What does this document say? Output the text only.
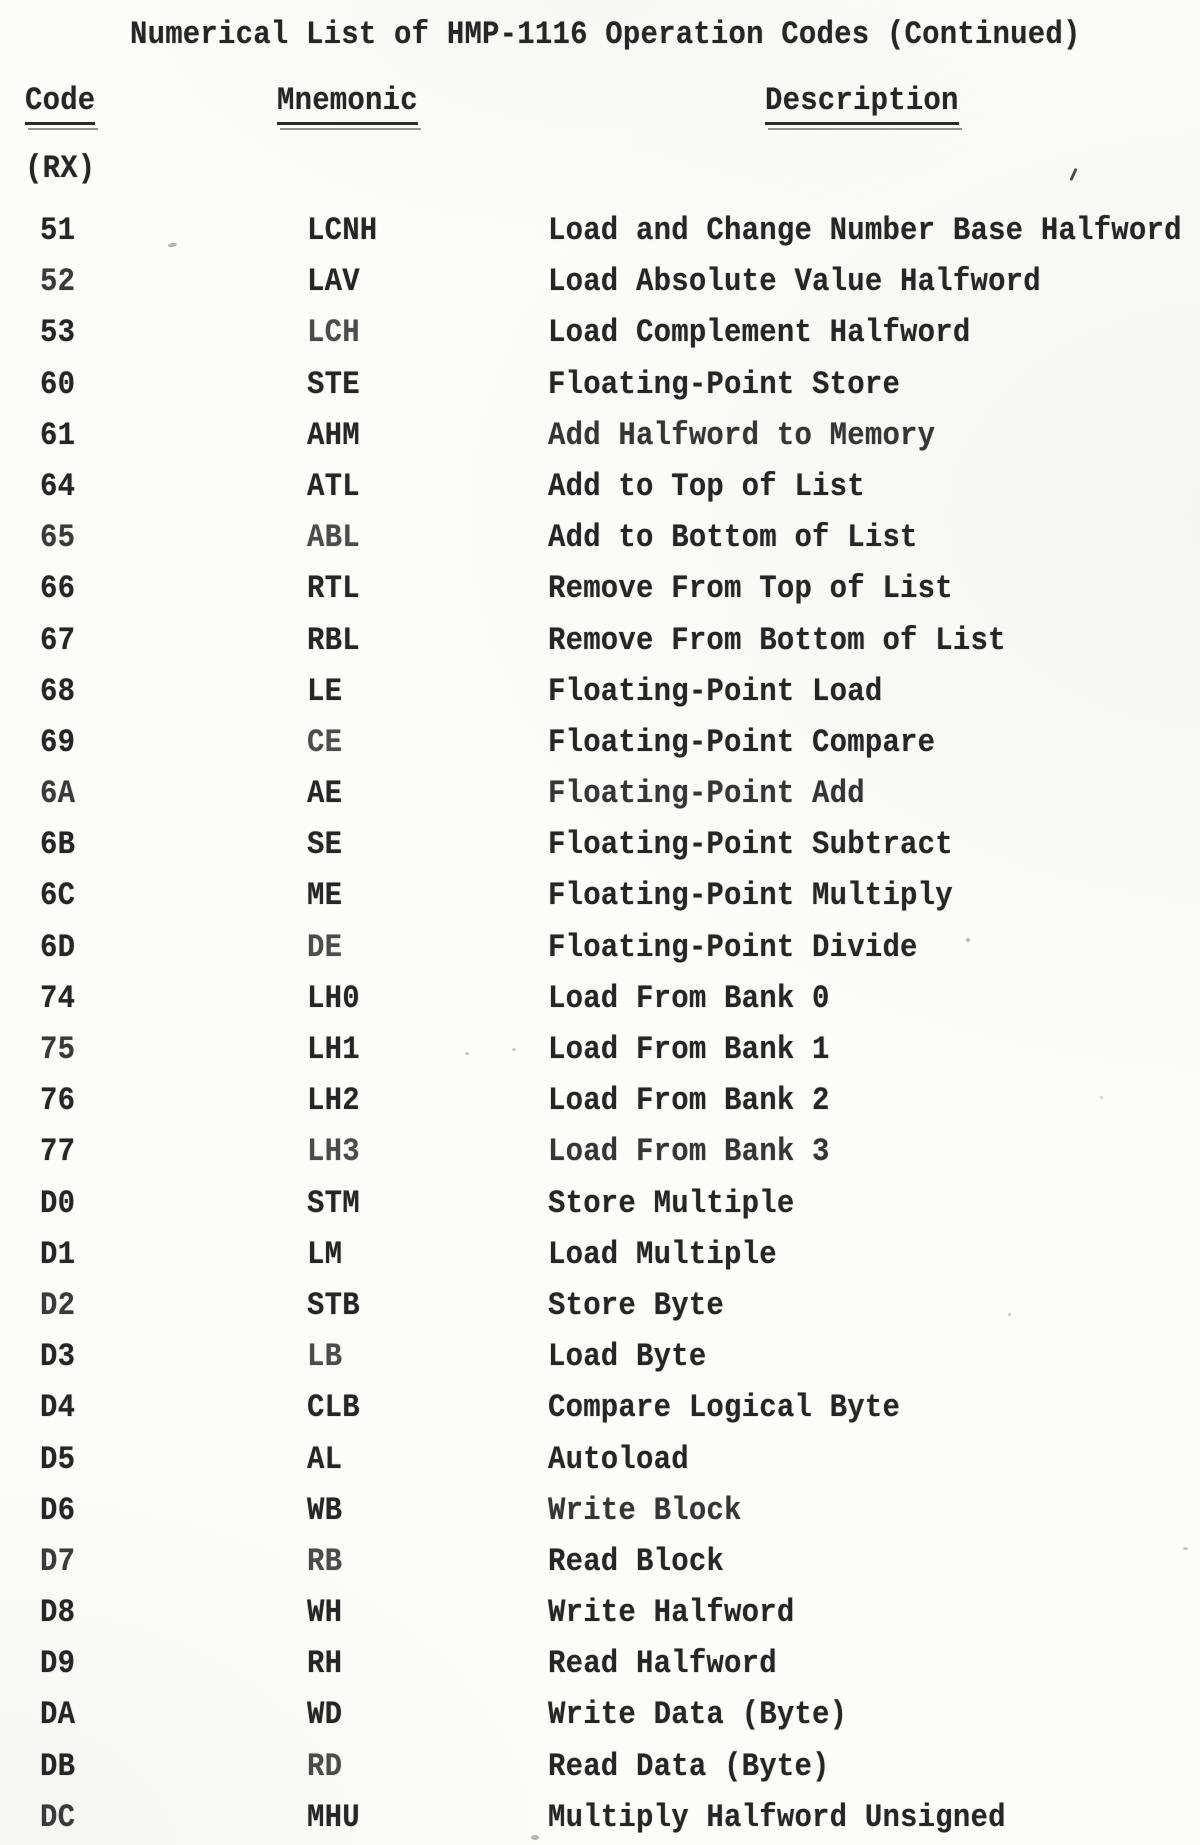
Numerical List of HMP-1116 Operation Codes (Continued)
Code	Mnemonic	Description
(RX)
51	LCNH	Load and Change Number Base Halfword
52	LAV	Load Absolute Value Halfword
53	LCH	Load Complement Halfword
60	STE	Floating-Point Store
61	AHM	Add Halfword to Memory
64	ATL	Add to Top of List
65	ABL	Add to Bottom of List
66	RTL	Remove From Top of List
67	RBL	Remove From Bottom of List
68	LE	Floating-Point Load
69	CE	Floating-Point Compare
6A	AE	Floating-Point Add
6B	SE	Floating-Point Subtract
6C	ME	Floating-Point Multiply
6D	DE	Floating-Point Divide
74	LH0	Load From Bank 0
75	LH1	Load From Bank 1
76	LH2	Load From Bank 2
77	LH3	Load From Bank 3
D0	STM	Store Multiple
D1	LM	Load Multiple
D2	STB	Store Byte
D3	LB	Load Byte
D4	CLB	Compare Logical Byte
D5	AL	Autoload
D6	WB	Write Block
D7	RB	Read Block
D8	WH	Write Halfword
D9	RH	Read Halfword
DA	WD	Write Data (Byte)
DB	RD	Read Data (Byte)
DC	MHU	Multiply Halfword Unsigned
